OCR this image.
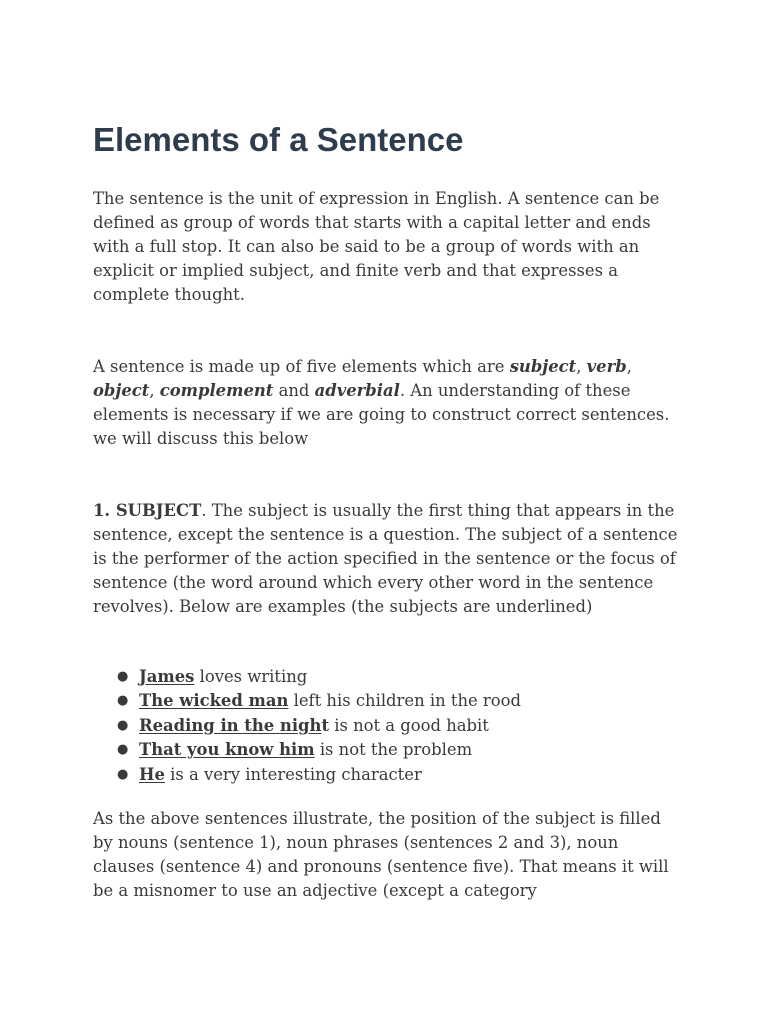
Elements of a Sentence

The sentence is the unit of expression in English. A sentence can be defined as group of words that starts with a capital letter and ends with a full stop. It can also be said to be a group of words with an explicit or implied subject, and finite verb and that expresses a complete thought.

A sentence is made up of five elements which are subject, verb, object, complement and adverbial. An understanding of these elements is necessary if we are going to construct correct sentences. we will discuss this below

1. SUBJECT. The subject is usually the first thing that appears in the sentence, except the sentence is a question. The subject of a sentence is the performer of the action specified in the sentence or the focus of sentence (the word around which every other word in the sentence revolves). Below are examples (the subjects are underlined)

● James loves writing
● The wicked man left his children in the rood
● Reading in the night is not a good habit
● That you know him is not the problem
● He is a very interesting character

As the above sentences illustrate, the position of the subject is filled by nouns (sentence 1), noun phrases (sentences 2 and 3), noun clauses (sentence 4) and pronouns (sentence five). That means it will be a misnomer to use an adjective (except a category
